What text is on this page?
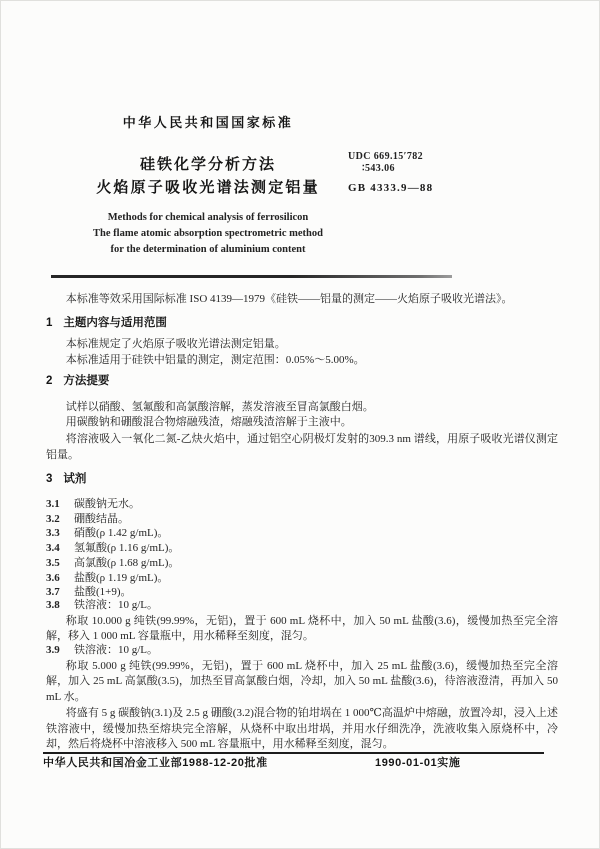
中华人民共和国国家标准
硅铁化学分析方法
火焰原子吸收光谱法测定铝量
UDC 669.15′782
∶543.06
GB 4333.9—88
Methods for chemical analysis of ferrosilicon
The flame atomic absorption spectrometric method
for the determination of aluminium content
本标准等效采用国际标准 ISO 4139—1979《硅铁——铝量的测定——火焰原子吸收光谱法》。
1 主题内容与适用范围
本标准规定了火焰原子吸收光谱法测定铝量。
本标准适用于硅铁中铝量的测定，测定范围：0.05%～5.00%。
2 方法提要
试样以硝酸、氢氟酸和高氯酸溶解，蒸发溶液至冒高氯酸白烟。
用碳酸钠和硼酸混合物熔融残渣，熔融残渣溶解于主液中。
将溶液吸入一氧化二氮-乙炔火焰中，通过铝空心阴极灯发射的309.3 nm 谱线，用原子吸收光谱仪测定铝量。
3 试剂
3.1 碳酸钠无水。
3.2 硼酸结晶。
3.3 硝酸(ρ 1.42 g/mL)。
3.4 氢氟酸(ρ 1.16 g/mL)。
3.5 高氯酸(ρ 1.68 g/mL)。
3.6 盐酸(ρ 1.19 g/mL)。
3.7 盐酸(1+9)。
3.8 铁溶液：10 g/L。
称取 10.000 g 纯铁(99.99%，无铝)，置于 600 mL 烧杯中，加入 50 mL 盐酸(3.6)，缓慢加热至完全溶解，移入 1 000 mL 容量瓶中，用水稀释至刻度，混匀。
3.9 铁溶液：10 g/L。
称取 5.000 g 纯铁(99.99%，无铝)，置于 600 mL 烧杯中，加入 25 mL 盐酸(3.6)，缓慢加热至完全溶解，加入 25 mL 高氯酸(3.5)，加热至冒高氯酸白烟，冷却，加入 50 mL 盐酸(3.6)，待溶液澄清，再加入 50 mL 水。
将盛有 5 g 碳酸钠(3.1)及 2.5 g 硼酸(3.2)混合物的铂坩埚在 1 000℃高温炉中熔融，放置冷却，浸入上述铁溶液中，缓慢加热至熔块完全溶解，从烧杯中取出坩埚，并用水仔细洗净，洗液收集入原烧杯中，冷却，然后将烧杯中溶液移入 500 mL 容量瓶中，用水稀释至刻度，混匀。
中华人民共和国冶金工业部1988-12-20批准	1990-01-01实施
